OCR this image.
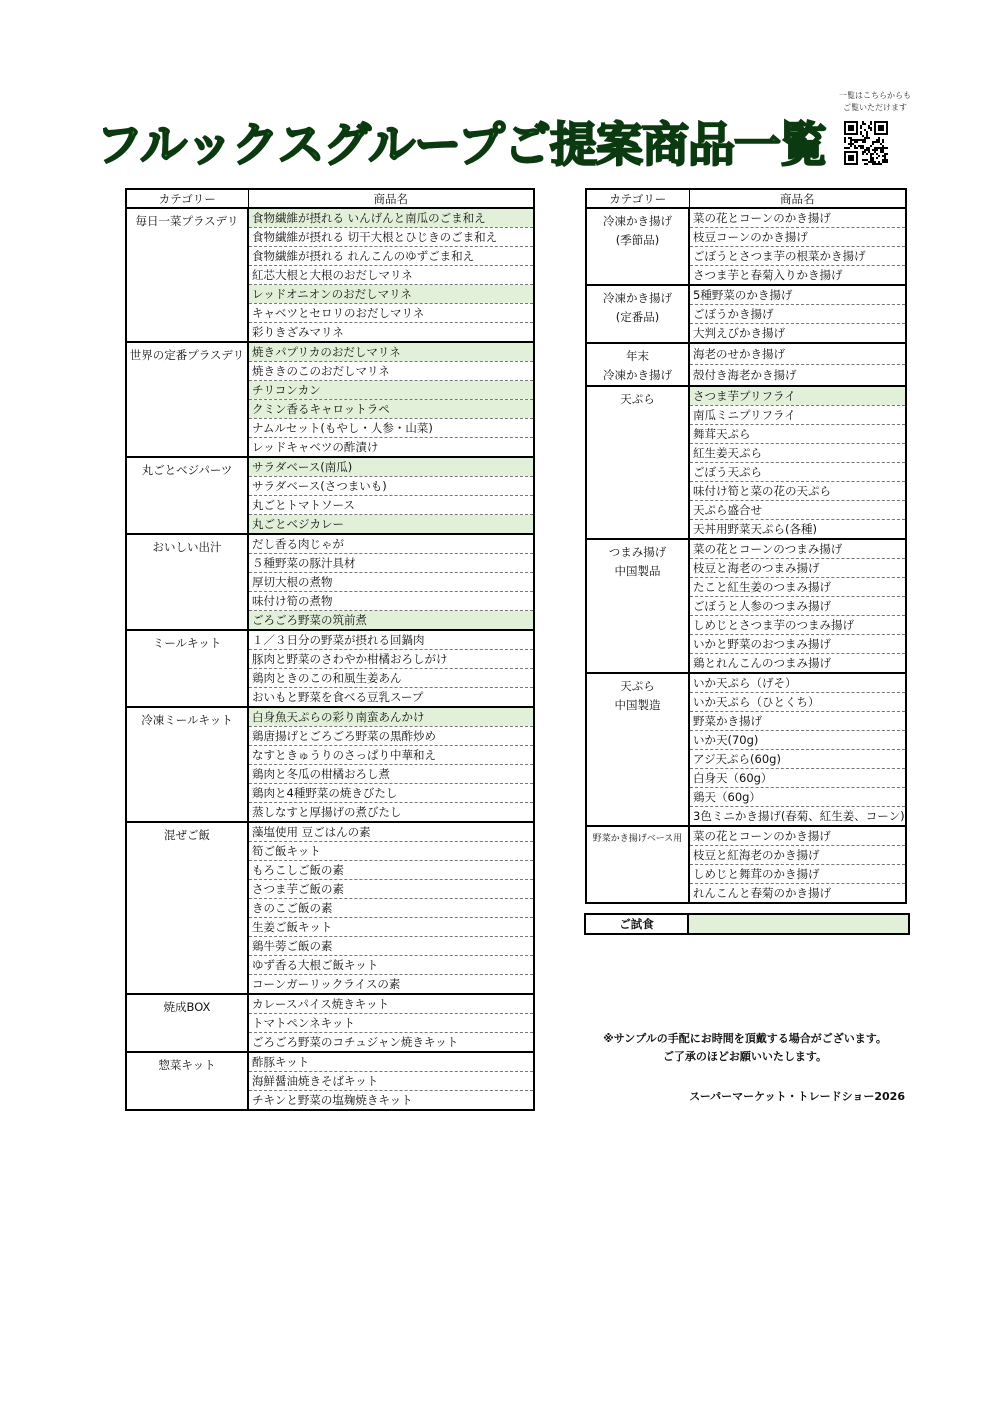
フルックスグループご提案商品一覧
一覧はこちらからも
ご覧いただけます
カテゴリー	商品名

毎日一菜プラスデリ	食物繊維が摂れる いんげんと南瓜のごま和え
	食物繊維が摂れる 切干大根とひじきのごま和え
	食物繊維が摂れる れんこんのゆずごま和え
	紅芯大根と大根のおだしマリネ
	レッドオニオンのおだしマリネ
	キャベツとセロリのおだしマリネ
	彩りきざみマリネ

世界の定番プラスデリ	焼きパプリカのおだしマリネ
	焼ききのこのおだしマリネ
	チリコンカン
	クミン香るキャロットラペ
	ナムルセット(もやし・人参・山菜)
	レッドキャベツの酢漬け

丸ごとベジパーツ	サラダベース(南瓜)
	サラダベース(さつまいも)
	丸ごとトマトソース
	丸ごとベジカレー

おいしい出汁	だし香る肉じゃが
	５種野菜の豚汁具材
	厚切大根の煮物
	味付け筍の煮物
	ごろごろ野菜の筑前煮

ミールキット	１／３日分の野菜が摂れる回鍋肉
	豚肉と野菜のさわやか柑橘おろしがけ
	鶏肉ときのこの和風生姜あん
	おいもと野菜を食べる豆乳スープ

冷凍ミールキット	白身魚天ぷらの彩り南蛮あんかけ
	鶏唐揚げとごろごろ野菜の黒酢炒め
	なすときゅうりのさっぱり中華和え
	鶏肉と冬瓜の柑橘おろし煮
	鶏肉と4種野菜の焼きびたし
	蒸しなすと厚揚げの煮びたし

混ぜご飯	藻塩使用 豆ごはんの素
	筍ご飯キット
	もろこしご飯の素
	さつま芋ご飯の素
	きのこご飯の素
	生姜ご飯キット
	鶏牛蒡ご飯の素
	ゆず香る大根ご飯キット
	コーンガーリックライスの素

焼成BOX	カレースパイス焼きキット
	トマトペンネキット
	ごろごろ野菜のコチュジャン焼きキット

惣菜キット	酢豚キット
	海鮮醤油焼きそばキット
	チキンと野菜の塩麹焼きキット
カテゴリー	商品名

冷凍かき揚げ
(季節品)	菜の花とコーンのかき揚げ
	枝豆コーンのかき揚げ
	ごぼうとさつま芋の根菜かき揚げ
	さつま芋と春菊入りかき揚げ

冷凍かき揚げ
(定番品)	5種野菜のかき揚げ
	ごぼうかき揚げ
	大判えびかき揚げ

年末
冷凍かき揚げ	海老のせかき揚げ
	殻付き海老かき揚げ

天ぷら	さつま芋プリフライ
	南瓜ミニプリフライ
	舞茸天ぷら
	紅生姜天ぷら
	ごぼう天ぷら
	味付け筍と菜の花の天ぷら
	天ぷら盛合せ
	天丼用野菜天ぷら(各種)

つまみ揚げ
中国製品	菜の花とコーンのつまみ揚げ
	枝豆と海老のつまみ揚げ
	たこと紅生姜のつまみ揚げ
	ごぼうと人参のつまみ揚げ
	しめじとさつま芋のつまみ揚げ
	いかと野菜のおつまみ揚げ
	鶏とれんこんのつまみ揚げ

天ぷら
中国製造	いか天ぷら（げそ）
	いか天ぷら（ひとくち）
	野菜かき揚げ
	いか天(70g)
	アジ天ぷら(60g)
	白身天（60g）
	鶏天（60g）
	3色ミニかき揚げ(春菊、紅生姜、コーン)

野菜かき揚げベース用	菜の花とコーンのかき揚げ
	枝豆と紅海老のかき揚げ
	しめじと舞茸のかき揚げ
	れんこんと春菊のかき揚げ
ご試食
※サンプルの手配にお時間を頂戴する場合がございます。
ご了承のほどお願いいたします。
スーパーマーケット・トレードショー2026
